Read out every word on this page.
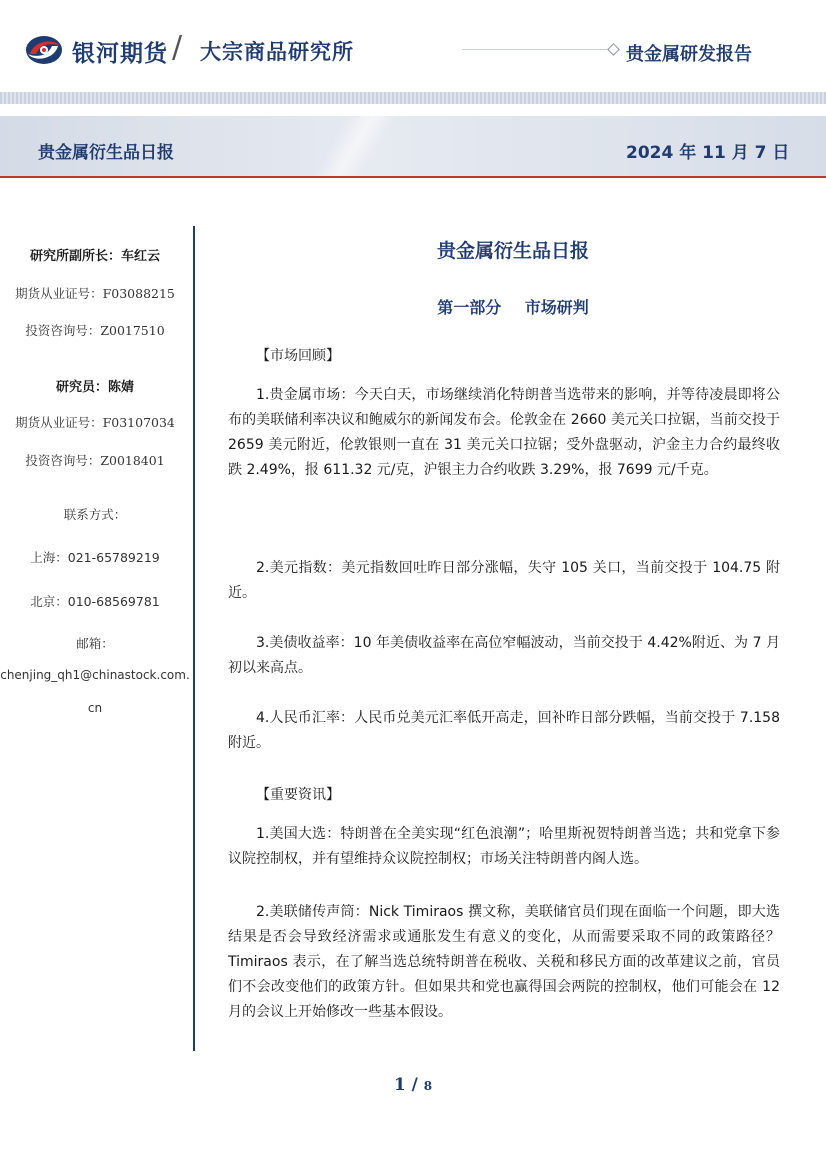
银河期货 / 大宗商品研究所	贵金属研发报告
贵金属衍生品日报	2024 年 11 月 7 日
研究所副所长：车红云
期货从业证号：F03088215
投资咨询号：Z0017510
研究员：陈婧
期货从业证号：F03107034
投资咨询号：Z0018401
联系方式：
上海：021-65789219
北京：010-68569781
邮箱：
chenjing_qh1@chinastock.com.
cn
贵金属衍生品日报
第一部分 市场研判
【市场回顾】
1.贵金属市场：今天白天，市场继续消化特朗普当选带来的影响，并等待凌晨即将公布的美联储利率决议和鲍威尔的新闻发布会。伦敦金在 2660 美元关口拉锯，当前交投于 2659 美元附近，伦敦银则一直在 31 美元关口拉锯；受外盘驱动，沪金主力合约最终收跌 2.49%，报 611.32 元/克，沪银主力合约收跌 3.29%，报 7699 元/千克。
2.美元指数：美元指数回吐昨日部分涨幅，失守 105 关口，当前交投于 104.75 附近。
3.美债收益率：10 年美债收益率在高位窄幅波动，当前交投于 4.42%附近、为 7 月初以来高点。
4.人民币汇率：人民币兑美元汇率低开高走，回补昨日部分跌幅，当前交投于 7.158 附近。
【重要资讯】
1.美国大选：特朗普在全美实现“红色浪潮”；哈里斯祝贺特朗普当选；共和党拿下参议院控制权，并有望维持众议院控制权；市场关注特朗普内阁人选。
2.美联储传声筒：Nick Timiraos 撰文称，美联储官员们现在面临一个问题，即大选结果是否会导致经济需求或通胀发生有意义的变化，从而需要采取不同的政策路径？Timiraos 表示，在了解当选总统特朗普在税收、关税和移民方面的改革建议之前，官员们不会改变他们的政策方针。但如果共和党也赢得国会两院的控制权，他们可能会在 12 月的会议上开始修改一些基本假设。
1 / 8
